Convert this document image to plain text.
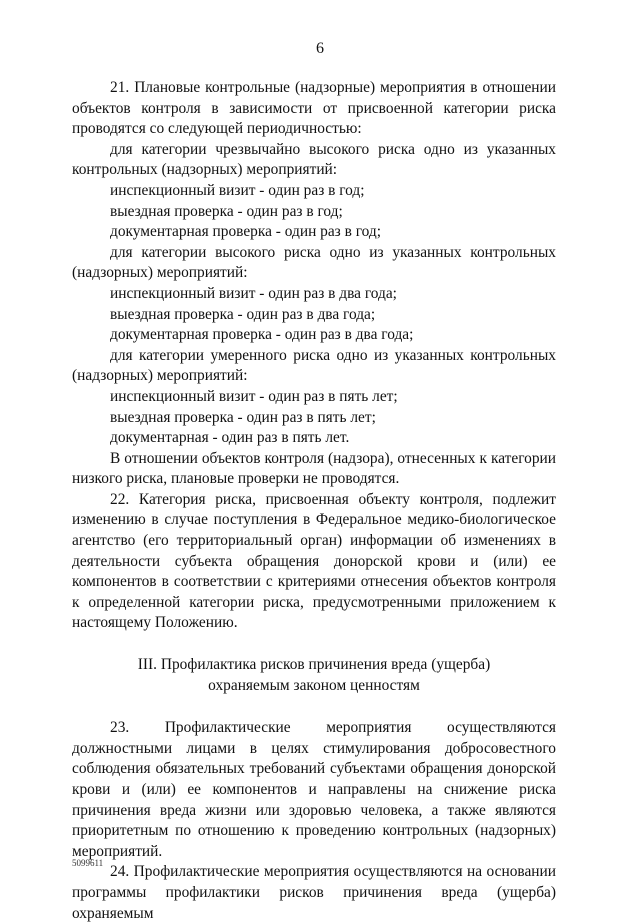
6

21. Плановые контрольные (надзорные) мероприятия в отношении объектов контроля в зависимости от присвоенной категории риска проводятся со следующей периодичностью:

для категории чрезвычайно высокого риска одно из указанных контрольных (надзорных) мероприятий:

инспекционный визит - один раз в год;

выездная проверка - один раз в год;

документарная проверка - один раз в год;

для категории высокого риска одно из указанных контрольных (надзорных) мероприятий:

инспекционный визит - один раз в два года;

выездная проверка - один раз в два года;

документарная проверка - один раз в два года;

для категории умеренного риска одно из указанных контрольных (надзорных) мероприятий:

инспекционный визит - один раз в пять лет;

выездная проверка - один раз в пять лет;

документарная - один раз в пять лет.

В отношении объектов контроля (надзора), отнесенных к категории низкого риска, плановые проверки не проводятся.

22. Категория риска, присвоенная объекту контроля, подлежит изменению в случае поступления в Федеральное медико-биологическое агентство (его территориальный орган) информации об изменениях в деятельности субъекта обращения донорской крови и (или) ее компонентов в соответствии с критериями отнесения объектов контроля к определенной категории риска, предусмотренными приложением к настоящему Положению.

III. Профилактика рисков причинения вреда (ущерба)
охраняемым законом ценностям

23. Профилактические мероприятия осуществляются должностными лицами в целях стимулирования добросовестного соблюдения обязательных требований субъектами обращения донорской крови и (или) ее компонентов и направлены на снижение риска причинения вреда жизни или здоровью человека, а также являются приоритетным по отношению к проведению контрольных (надзорных) мероприятий.

24. Профилактические мероприятия осуществляются на основании программы профилактики рисков причинения вреда (ущерба) охраняемым

5099611
